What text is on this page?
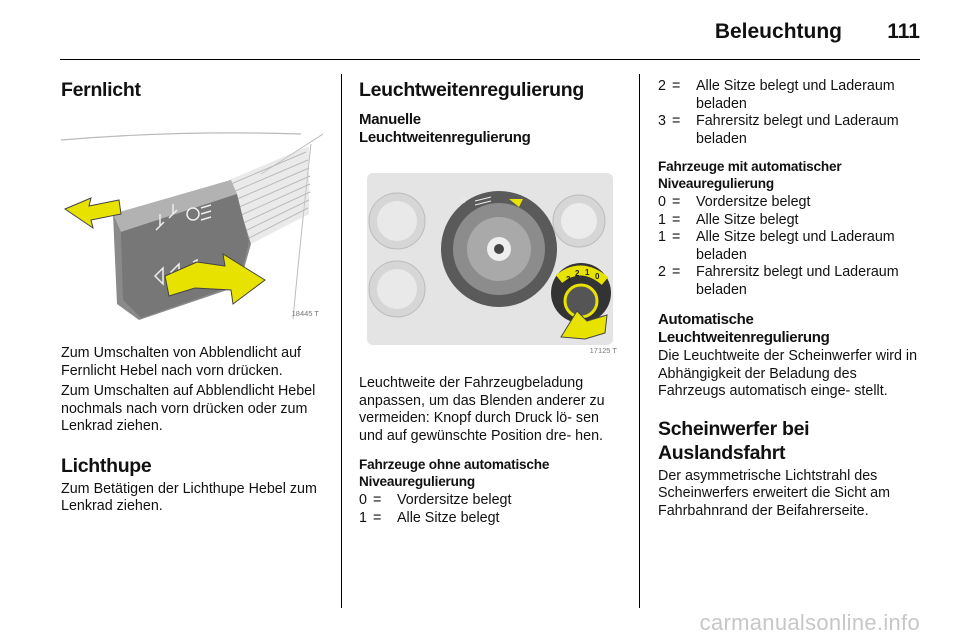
Beleuchtung 111
Fernlicht
18445 T

Zum Umschalten von Abblendlicht auf Fernlicht Hebel nach vorn drücken.

Zum Umschalten auf Abblendlicht Hebel nochmals nach vorn drücken oder zum Lenkrad ziehen.

Lichthupe

Zum Betätigen der Lichthupe Hebel zum Lenkrad ziehen.

Leuchtweitenregulierung
Manuelle Leuchtweitenregulierung
0
3
2 1 0
17125 T

Leuchtweite der Fahrzeugbeladung anpassen, um das Blenden anderer zu vermeiden: Knopf durch Druck lö- sen und auf gewünschte Position dre- hen.

Fahrzeuge ohne automatische Niveauregulierung
0 =	Vordersitze belegt
1 =	Alle Sitze belegt
2 =	Alle Sitze belegt und Laderaum beladen
3 =	Fahrersitz belegt und Laderaum beladen
Fahrzeuge mit automatischer Niveauregulierung
0 =	Vordersitze belegt
1 =	Alle Sitze belegt
1 =	Alle Sitze belegt und Laderaum beladen
2 =	Fahrersitz belegt und Laderaum beladen
Automatische Leuchtweitenregulierung

Die Leuchtweite der Scheinwerfer wird in Abhängigkeit der Beladung des Fahrzeugs automatisch einge- stellt.

Scheinwerfer bei Auslandsfahrt

Der asymmetrische Lichtstrahl des Scheinwerfers erweitert die Sicht am Fahrbahnrand der Beifahrerseite.

carmanualsonline.info
